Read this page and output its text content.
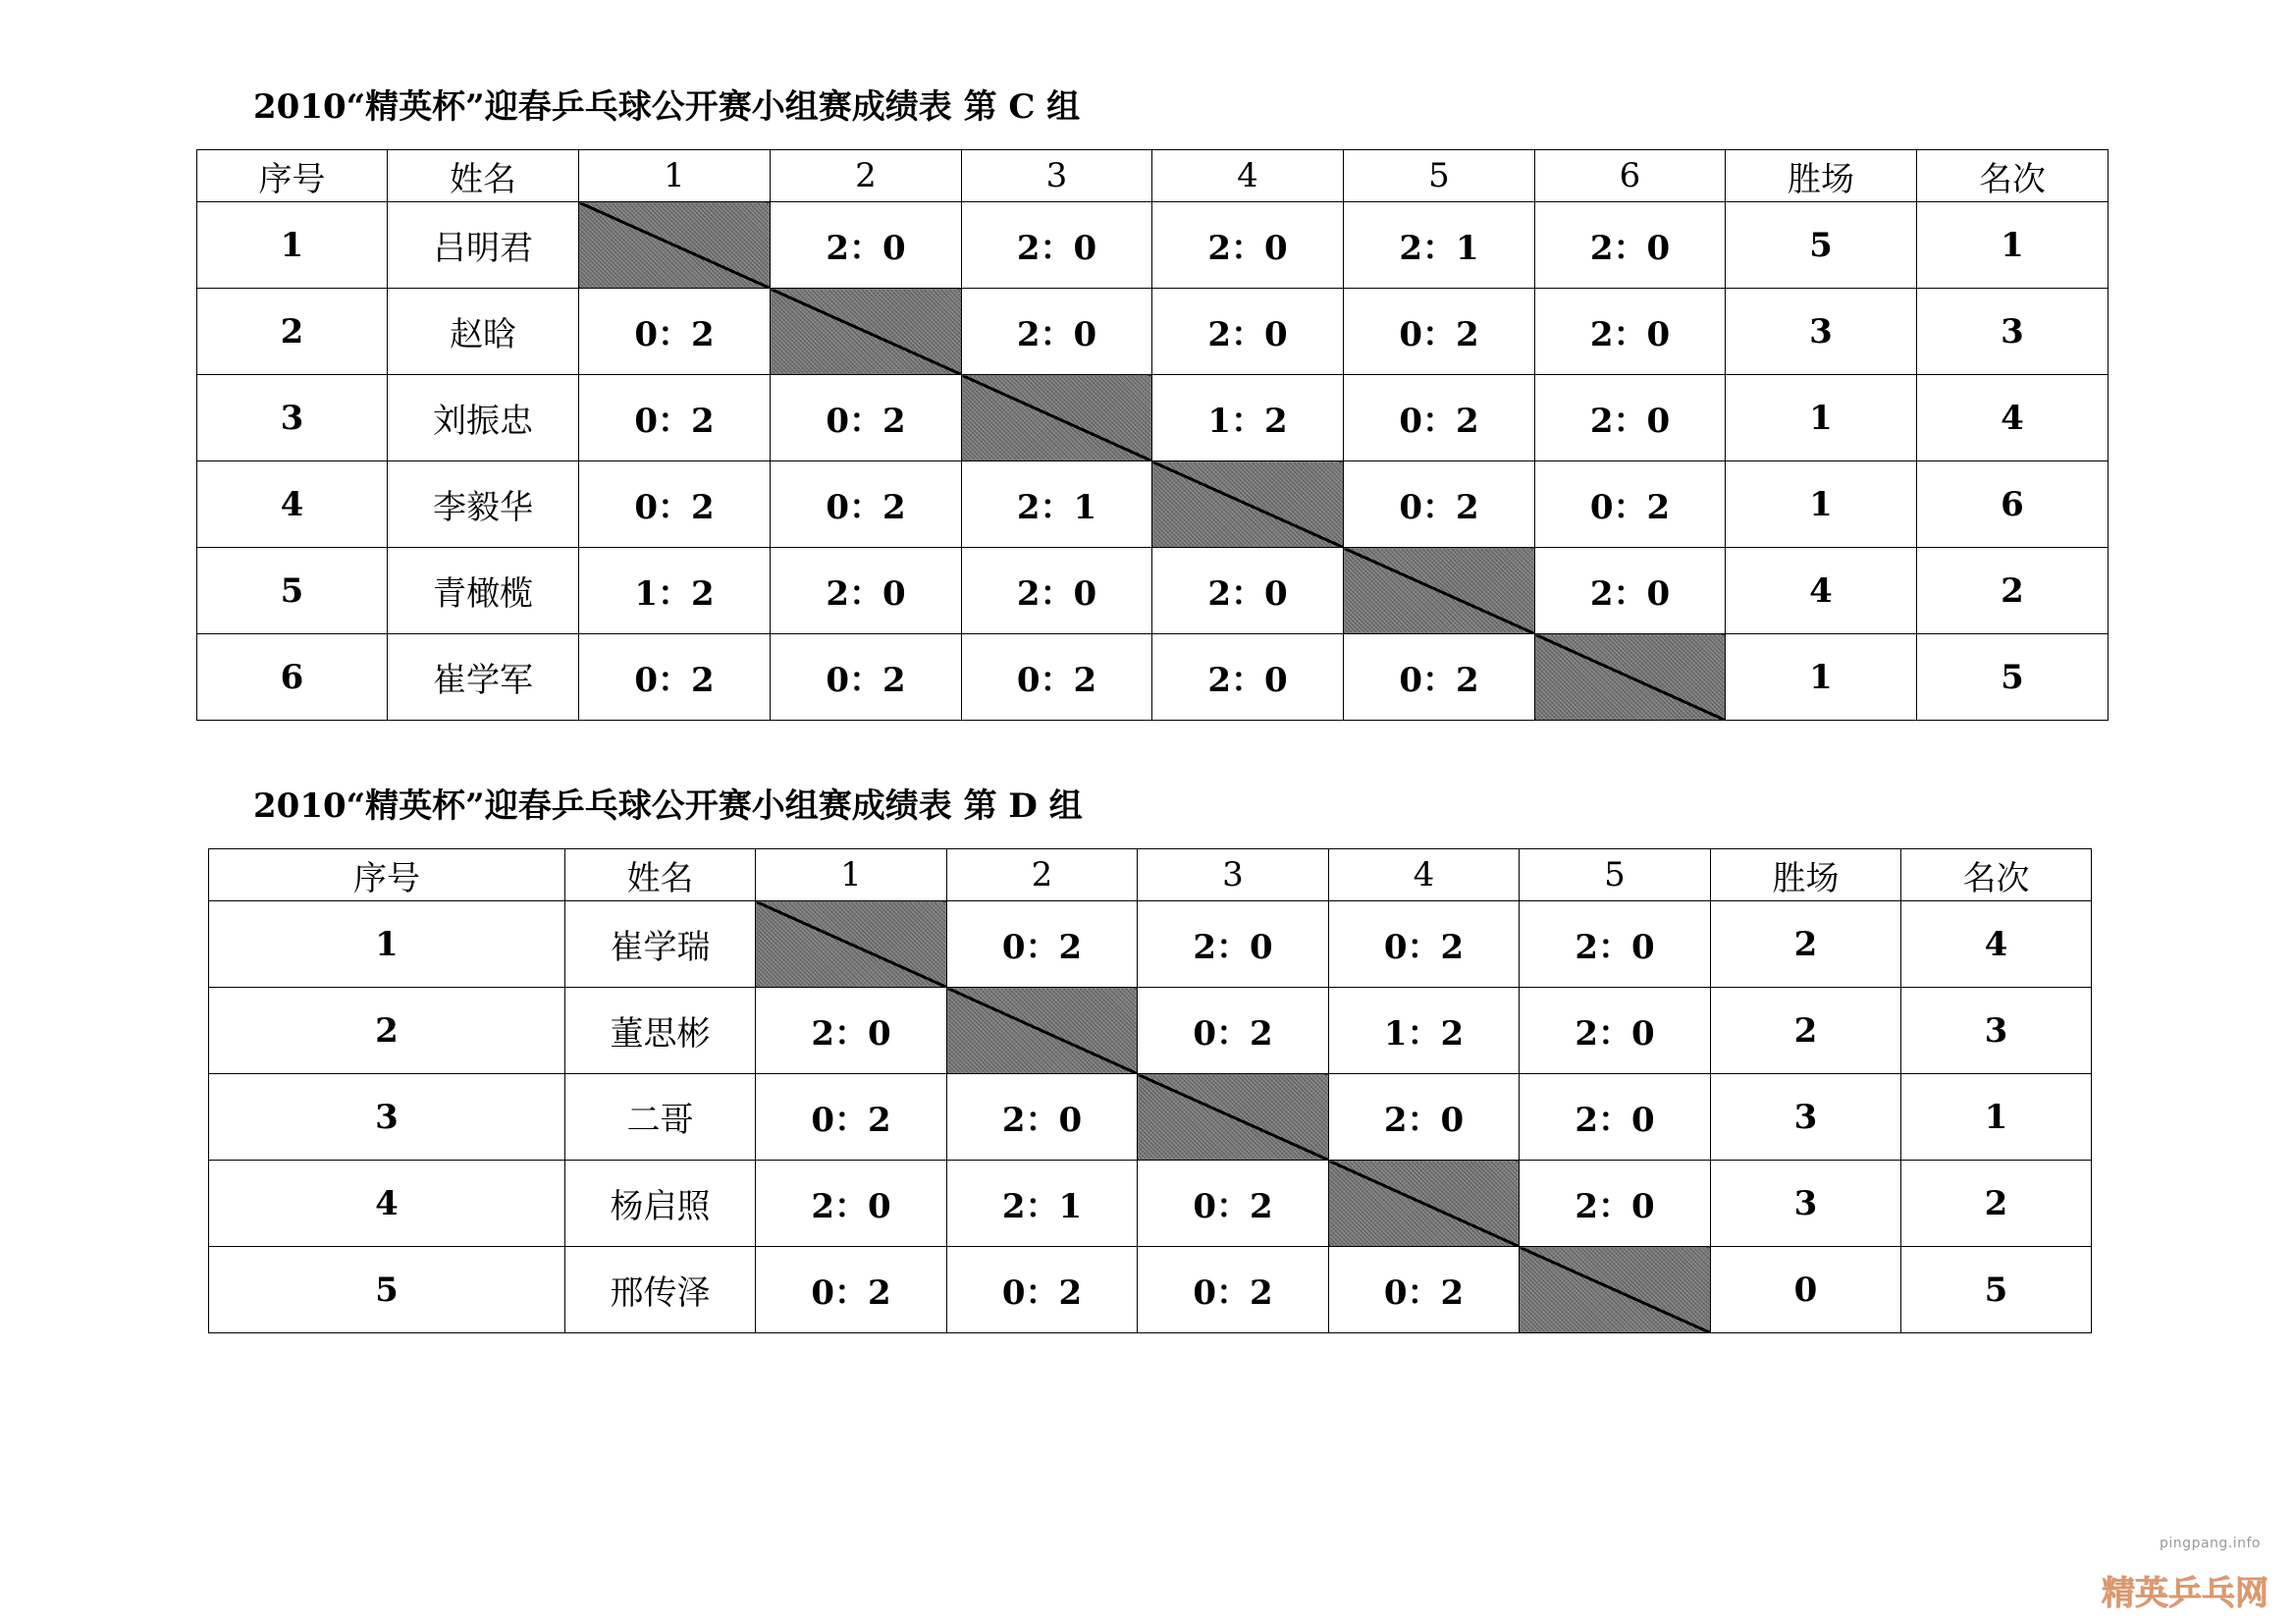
2010“精英杯”迎春乒乓球公开赛小组赛成绩表 第 C 组
序号	姓名	1	2	3	4	5	6	胜场	名次
1	吕明君		2：0	2：0	2：0	2：1	2：0	5	1
2	赵晗	0：2		2：0	2：0	0：2	2：0	3	3
3	刘振忠	0：2	0：2		1：2	0：2	2：0	1	4
4	李毅华	0：2	0：2	2：1		0：2	0：2	1	6
5	青橄榄	1：2	2：0	2：0	2：0		2：0	4	2
6	崔学军	0：2	0：2	0：2	2：0	0：2		1	5
2010“精英杯”迎春乒乓球公开赛小组赛成绩表 第 D 组
序号	姓名	1	2	3	4	5	胜场	名次
1	崔学瑞		0：2	2：0	0：2	2：0	2	4
2	董思彬	2：0		0：2	1：2	2：0	2	3
3	二哥	0：2	2：0		2：0	2：0	3	1
4	杨启照	2：0	2：1	0：2		2：0	3	2
5	邢传泽	0：2	0：2	0：2	0：2		0	5
pingpang.info
精英乒乓网
